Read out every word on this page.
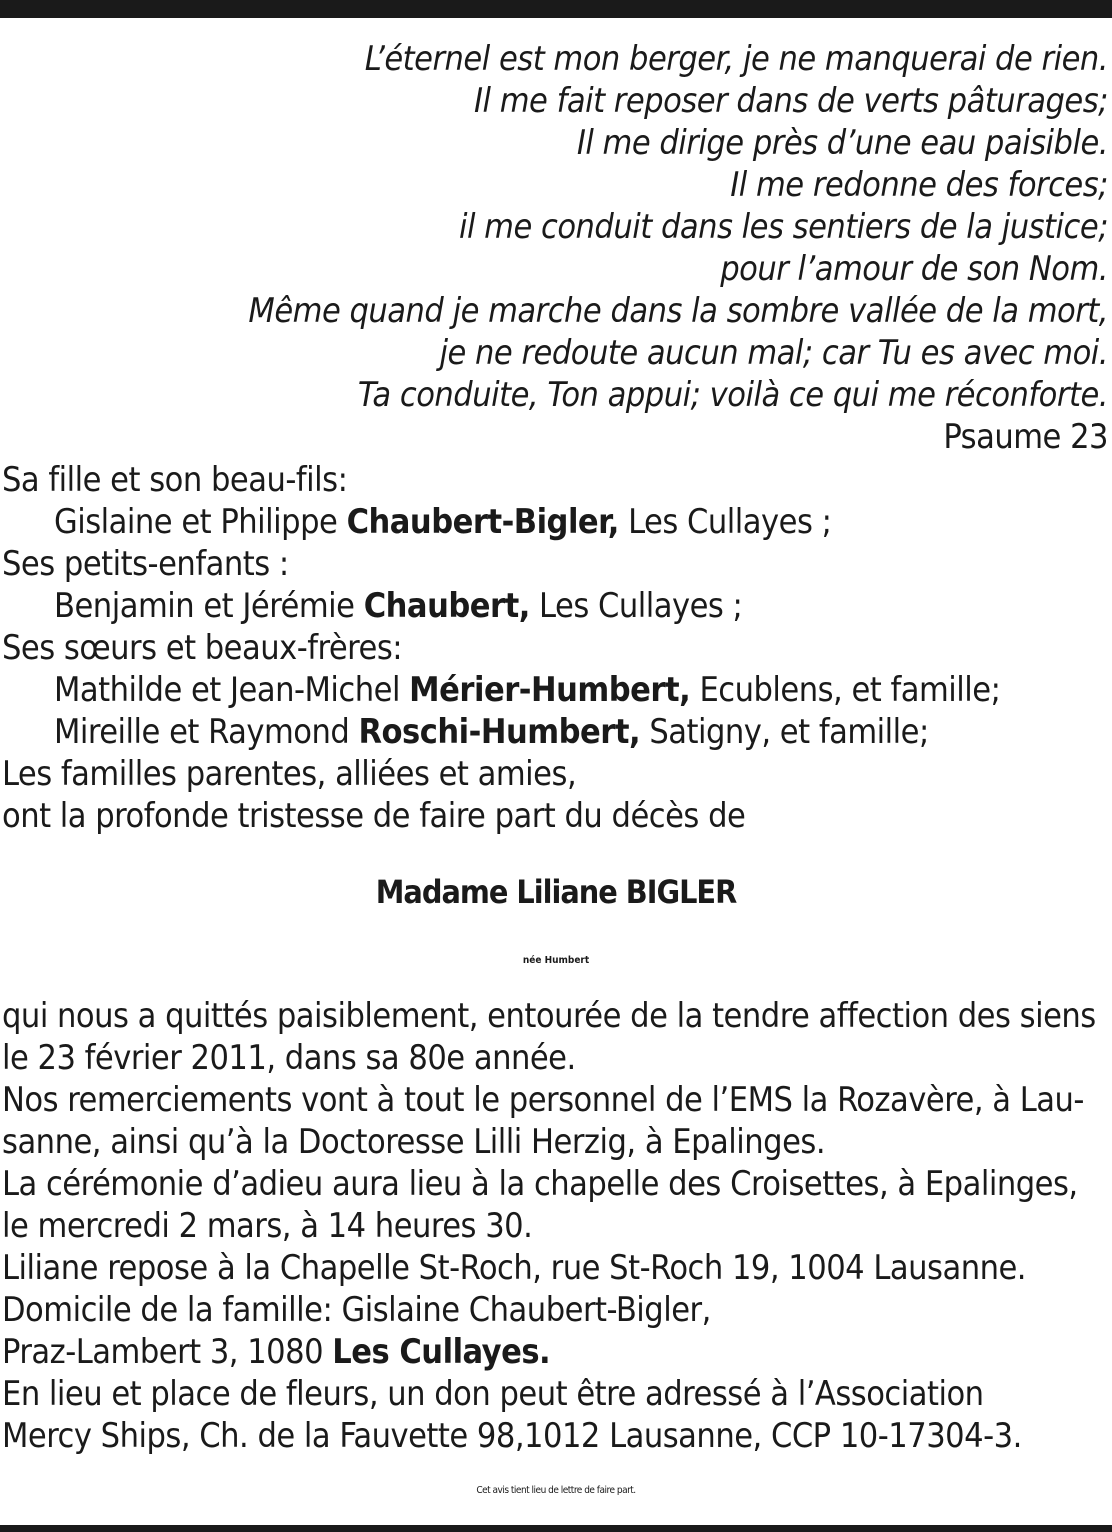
L’éternel est mon berger, je ne manquerai de rien.
Il me fait reposer dans de verts pâturages;
Il me dirige près d’une eau paisible.
Il me redonne des forces;
il me conduit dans les sentiers de la justice;
pour l’amour de son Nom.
Même quand je marche dans la sombre vallée de la mort,
je ne redoute aucun mal; car Tu es avec moi.
Ta conduite, Ton appui; voilà ce qui me réconforte.
Psaume 23
Sa fille et son beau-fils:
Gislaine et Philippe Chaubert-Bigler, Les Cullayes ;
Ses petits-enfants :
Benjamin et Jérémie Chaubert, Les Cullayes ;
Ses sœurs et beaux-frères:
Mathilde et Jean-Michel Mérier-Humbert, Ecublens, et famille;
Mireille et Raymond Roschi-Humbert, Satigny, et famille;
Les familles parentes, alliées et amies,
ont la profonde tristesse de faire part du décès de
Madame Liliane BIGLER
née Humbert
qui nous a quittés paisiblement, entourée de la tendre affection des siens
le 23 février 2011, dans sa 80e année.
Nos remerciements vont à tout le personnel de l’EMS la Rozavère, à Lau-
sanne, ainsi qu’à la Doctoresse Lilli Herzig, à Epalinges.
La cérémonie d’adieu aura lieu à la chapelle des Croisettes, à Epalinges,
le mercredi 2 mars, à 14 heures 30.
Liliane repose à la Chapelle St-Roch, rue St-Roch 19, 1004 Lausanne.
Domicile de la famille: Gislaine Chaubert-Bigler,
Praz-Lambert 3, 1080 Les Cullayes.
En lieu et place de fleurs, un don peut être adressé à l’Association
Mercy Ships, Ch. de la Fauvette 98,1012 Lausanne, CCP 10-17304-3.
Cet avis tient lieu de lettre de faire part.
